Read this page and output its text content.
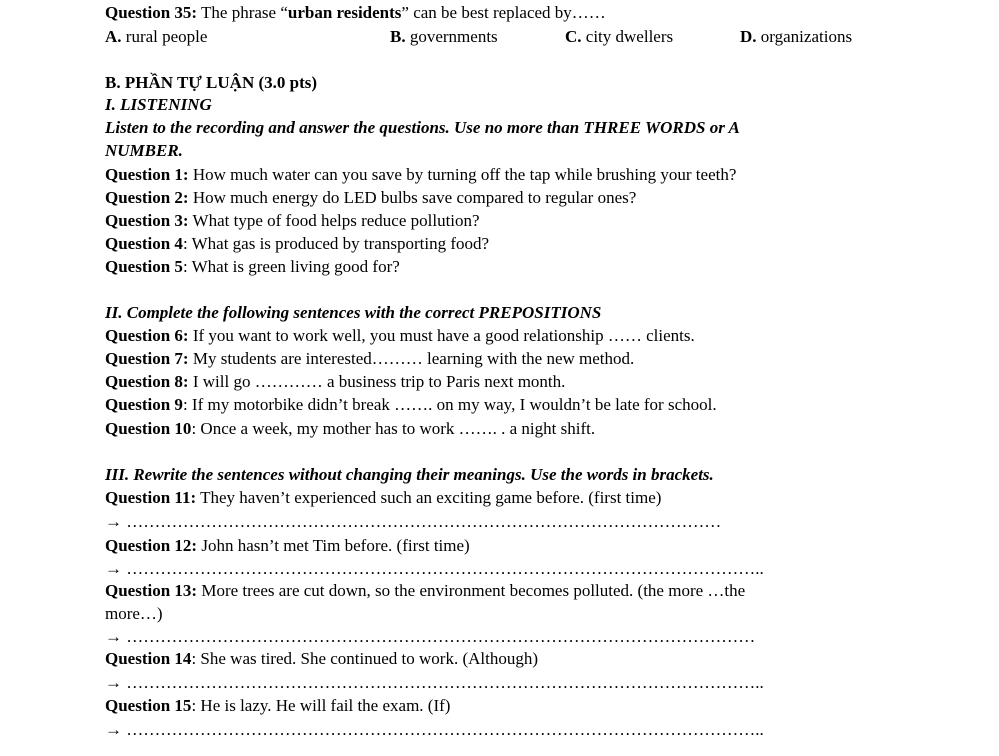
Question 35: The phrase “urban residents” can be best replaced by……
A. rural people	B. governments	C. city dwellers	D. organizations
B. PHẦN TỰ LUẬN (3.0 pts)
I. LISTENING
Listen to the recording and answer the questions. Use no more than THREE WORDS or A
NUMBER.
Question 1: How much water can you save by turning off the tap while brushing your teeth?
Question 2: How much energy do LED bulbs save compared to regular ones?
Question 3: What type of food helps reduce pollution?
Question 4: What gas is produced by transporting food?
Question 5: What is green living good for?
II. Complete the following sentences with the correct PREPOSITIONS
Question 6: If you want to work well, you must have a good relationship …… clients.
Question 7: My students are interested……… learning with the new method.
Question 8: I will go ………… a business trip to Paris next month.
Question 9: If my motorbike didn’t break ……. on my way, I wouldn’t be late for school.
Question 10: Once a week, my mother has to work ……. . a night shift.
III. Rewrite the sentences without changing their meanings. Use the words in brackets.
Question 11: They haven’t experienced such an exciting game before. (first time)
→ ……………………………………………………………………………………………
Question 12: John hasn’t met Tim before. (first time)
→ …………………………………………………………………………………………………..
Question 13: More trees are cut down, so the environment becomes polluted. (the more …the
more…)
→ …………………………………………………………………………………………………
Question 14: She was tired. She continued to work. (Although)
→ …………………………………………………………………………………………………..
Question 15: He is lazy. He will fail the exam. (If)
→ …………………………………………………………………………………………………..
